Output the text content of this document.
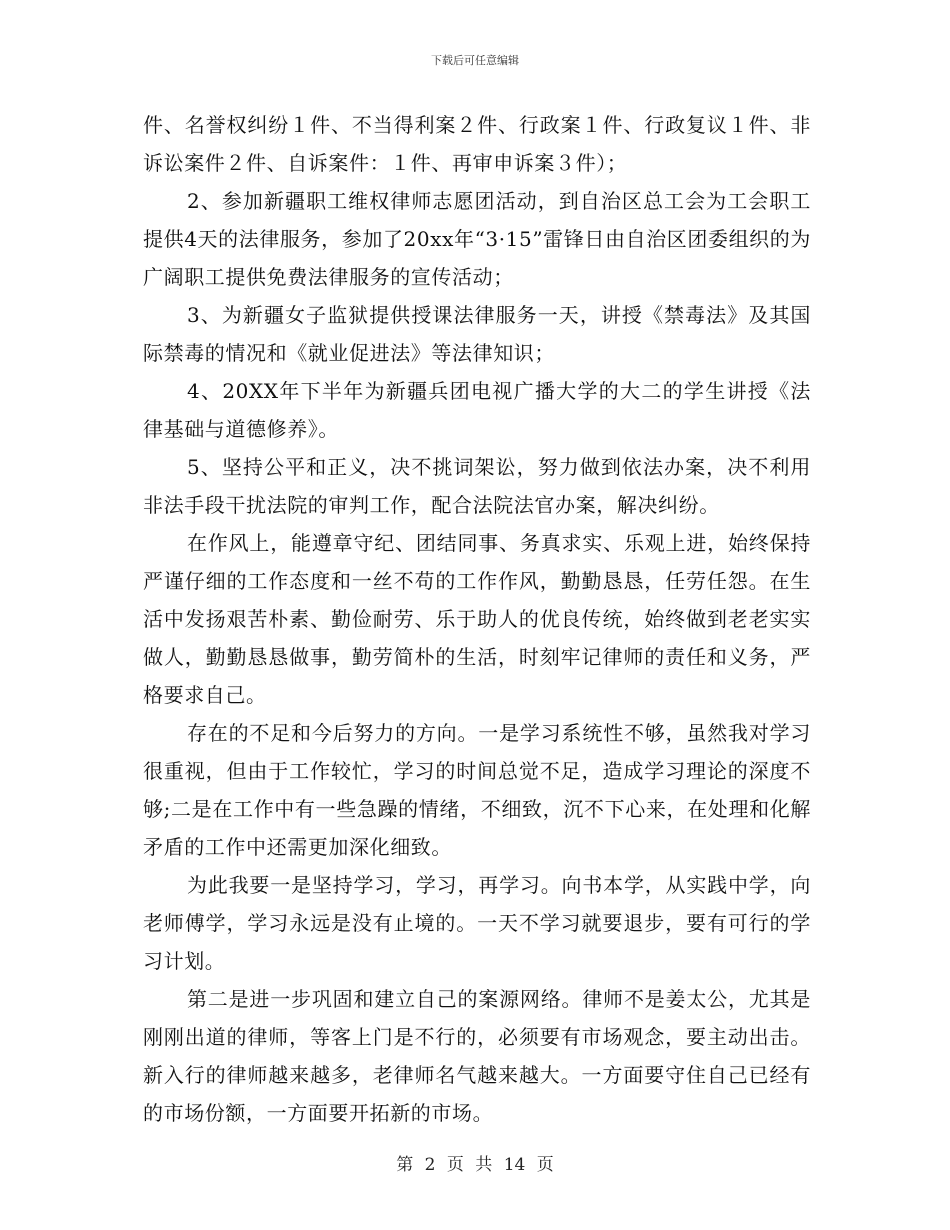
下载后可任意编辑

件、名誉权纠纷１件、不当得利案２件、行政案１件、行政复议１件、非诉讼案件２件、自诉案件：１件、再审申诉案３件）；

2、参加新疆职工维权律师志愿团活动，到自治区总工会为工会职工提供4天的法律服务，参加了20xx年“3·15”雷锋日由自治区团委组织的为广阔职工提供免费法律服务的宣传活动；

3、为新疆女子监狱提供授课法律服务一天，讲授《禁毒法》及其国际禁毒的情况和《就业促进法》等法律知识；

4、20XX年下半年为新疆兵团电视广播大学的大二的学生讲授《法律基础与道德修养》。

5、坚持公平和正义，决不挑词架讼，努力做到依法办案，决不利用非法手段干扰法院的审判工作，配合法院法官办案，解决纠纷。

在作风上，能遵章守纪、团结同事、务真求实、乐观上进，始终保持严谨仔细的工作态度和一丝不苟的工作作风，勤勤恳恳，任劳任怨。在生活中发扬艰苦朴素、勤俭耐劳、乐于助人的优良传统，始终做到老老实实做人，勤勤恳恳做事，勤劳简朴的生活，时刻牢记律师的责任和义务，严格要求自己。

存在的不足和今后努力的方向。一是学习系统性不够，虽然我对学习很重视，但由于工作较忙，学习的时间总觉不足，造成学习理论的深度不够;二是在工作中有一些急躁的情绪，不细致，沉不下心来，在处理和化解矛盾的工作中还需更加深化细致。

为此我要一是坚持学习，学习，再学习。向书本学，从实践中学，向老师傅学，学习永远是没有止境的。一天不学习就要退步，要有可行的学习计划。

第二是进一步巩固和建立自己的案源网络。律师不是姜太公，尤其是刚刚出道的律师，等客上门是不行的，必须要有市场观念，要主动出击。新入行的律师越来越多，老律师名气越来越大。一方面要守住自己已经有的市场份额，一方面要开拓新的市场。

第 2 页 共 14 页
